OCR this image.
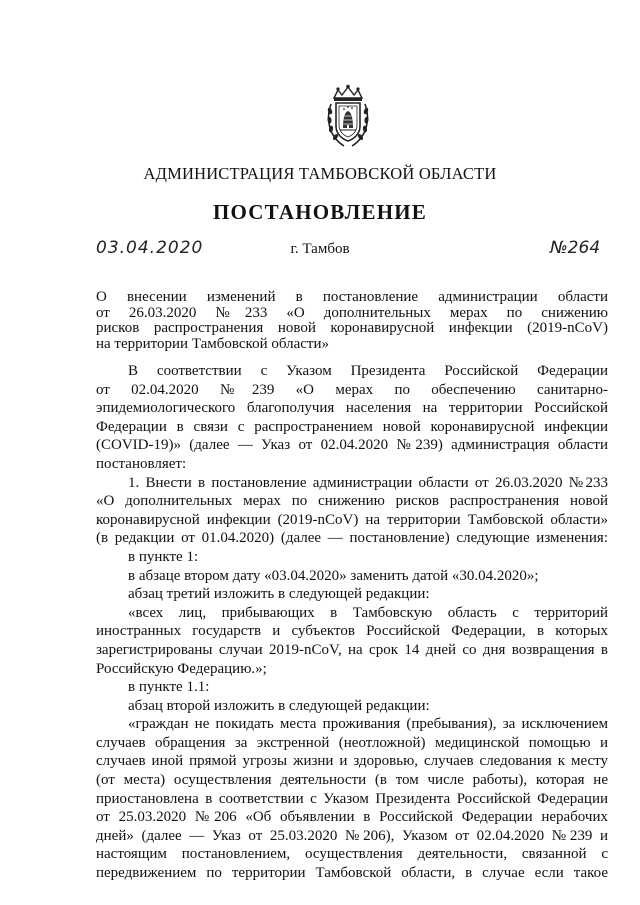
АДМИНИСТРАЦИЯ ТАМБОВСКОЙ ОБЛАСТИ
ПОСТАНОВЛЕНИЕ
03.04.2020	г. Тамбов	№264
О внесении изменений в постановление администрации области
от 26.03.2020 №233 «О дополнительных мерах по снижению
рисков распространения новой коронавирусной инфекции (2019-nCoV)
на территории Тамбовской области»

В соответствии с Указом Президента Российской Федерации

от 02.04.2020 №239 «О мерах по обеспечению санитарно-

эпидемиологического благополучия населения на территории Российской

Федерации в связи с распространением новой коронавирусной инфекции

(COVID-19)» (далее — Указ от 02.04.2020 №239) администрация области

постановляет:

1. Внести в постановление администрации области от 26.03.2020 №233

«О дополнительных мерах по снижению рисков распространения новой

коронавирусной инфекции (2019-nCoV) на территории Тамбовской области»

(в редакции от 01.04.2020) (далее — постановление) следующие изменения:

в пункте 1:

в абзаце втором дату «03.04.2020» заменить датой «30.04.2020»;

абзац третий изложить в следующей редакции:

«всех лиц, прибывающих в Тамбовскую область с территорий

иностранных государств и субъектов Российской Федерации, в которых

зарегистрированы случаи 2019-nCoV, на срок 14 дней со дня возвращения в

Российскую Федерацию.»;

в пункте 1.1:

абзац второй изложить в следующей редакции:

«граждан не покидать места проживания (пребывания), за исключением

случаев обращения за экстренной (неотложной) медицинской помощью и

случаев иной прямой угрозы жизни и здоровью, случаев следования к месту

(от места) осуществления деятельности (в том числе работы), которая не

приостановлена в соответствии с Указом Президента Российской Федерации

от 25.03.2020 №206 «Об объявлении в Российской Федерации нерабочих

дней» (далее — Указ от 25.03.2020 №206), Указом от 02.04.2020 №239 и

настоящим постановлением, осуществления деятельности, связанной с

передвижением по территории Тамбовской области, в случае если такое
